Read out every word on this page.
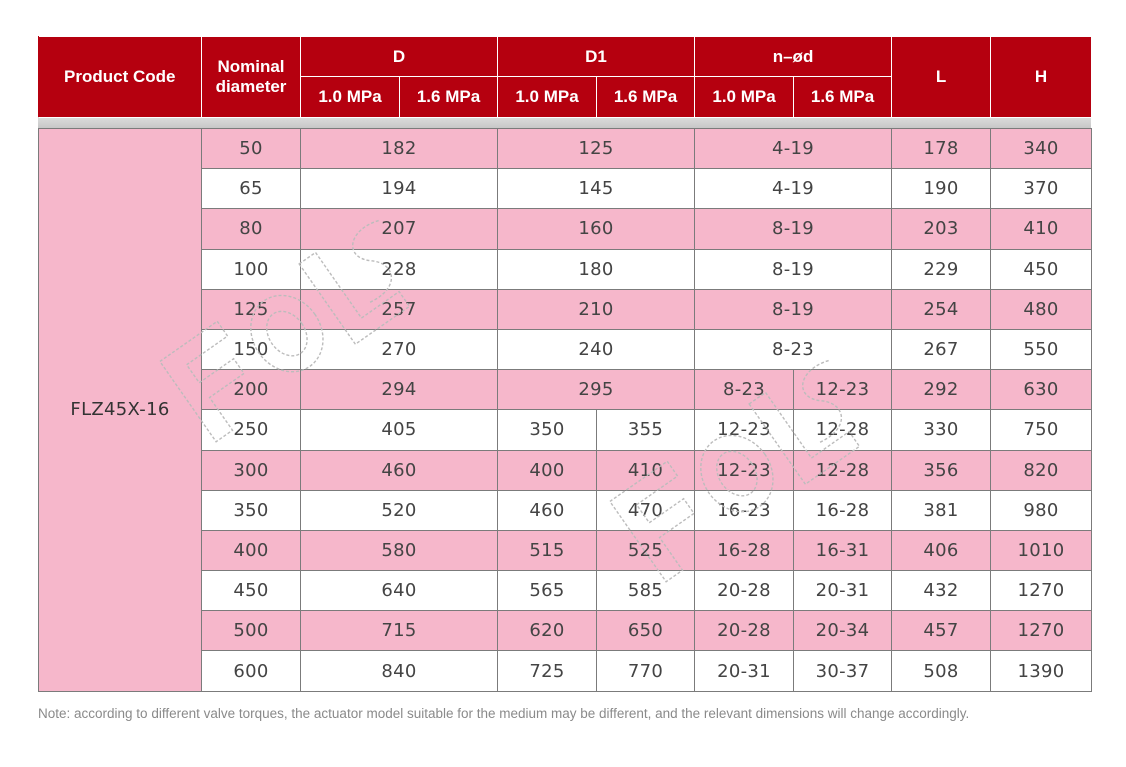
Product Code	Nominal
diameter	D		D1		n–ød		L	H
		1.0 MPa	1.6 MPa	1.0 MPa	1.6 MPa	1.0 MPa	1.6 MPa		

FLZ45X-16	50	182		125		4-19		178	340
	65	194		145		4-19		190	370
	80	207		160		8-19		203	410
	100	228		180		8-19		229	450
	125	257		210		8-19		254	480
	150	270		240		8-23		267	550
	200	294		295		8-23	12-23	292	630
	250	405		350	355	12-23	12-28	330	750
	300	460		400	410	12-23	12-28	356	820
	350	520		460	470	16-23	16-28	381	980
	400	580		515	525	16-28	16-31	406	1010
	450	640		565	585	20-28	20-31	432	1270
	500	715		620	650	20-28	20-34	457	1270
	600	840		725	770	20-31	30-37	508	1390
Note: according to different valve torques, the actuator model suitable for the medium may be different, and the relevant dimensions will change accordingly.
